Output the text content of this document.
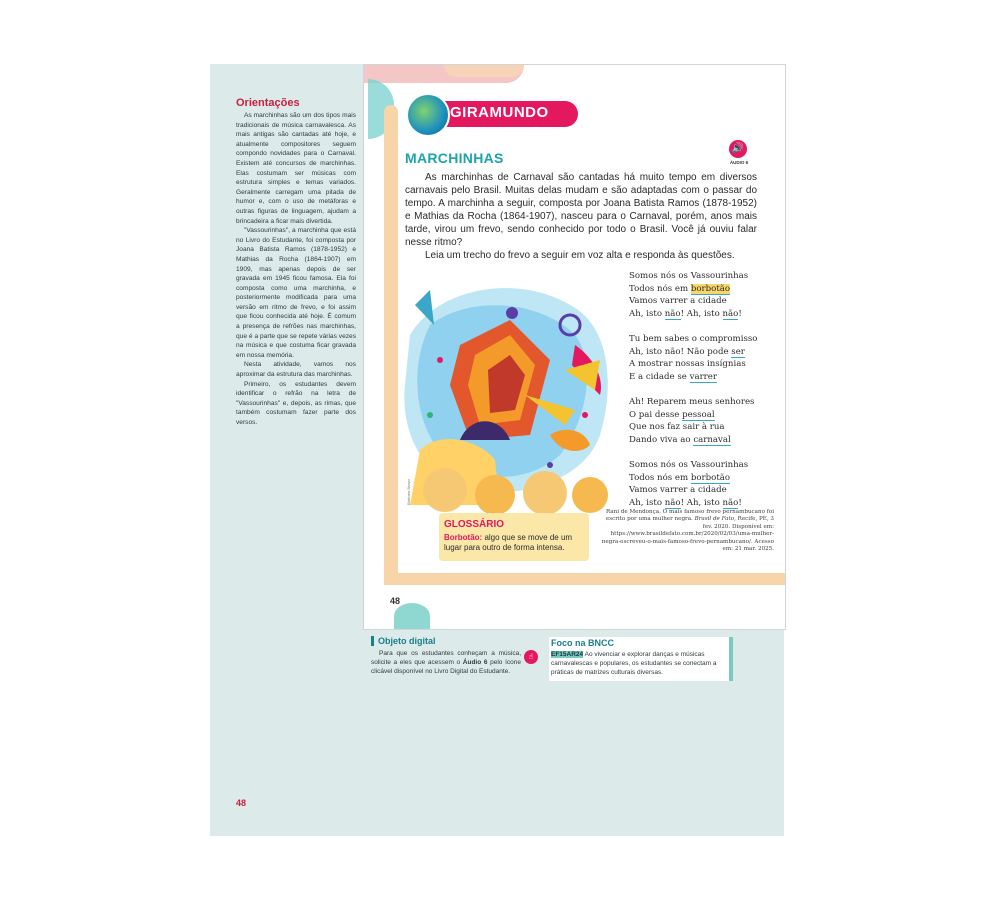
Orientações

As marchinhas são um dos tipos mais tradicionais de música carnavalesca. As mais antigas são cantadas até hoje, e atualmente compositores seguem compondo novidades para o Carnaval. Existem até concursos de marchinhas. Elas costumam ser músicas com estrutura simples e temas variados. Geralmente carregam uma pitada de humor e, com o uso de metáforas e outras figuras de linguagem, ajudam a brincadeira a ficar mais divertida.

"Vassourinhas", a marchinha que está no Livro do Estudante, foi composta por Joana Batista Ramos (1878-1952) e Mathias da Rocha (1864-1907) em 1909, mas apenas depois de ser gravada em 1945 ficou famosa. Ela foi composta como uma marchinha, e posteriormente modificada para uma versão em ritmo de frevo, e foi assim que ficou conhecida até hoje. É comum a presença de refrões nas marchinhas, que é a parte que se repete várias vezes na música e que costuma ficar gravada em nossa memória.

Nesta atividade, vamos nos aproximar da estrutura das marchinhas.

Primeiro, os estudantes devem identificar o refrão na letra de "Vassourinhas" e, depois, as rimas, que também costumam fazer parte dos versos.

48
GIRAMUNDO
MARCHINHAS
🔊
ÁUDIO 6

As marchinhas de Carnaval são cantadas há muito tempo em diversos carnavais pelo Brasil. Muitas delas mudam e são adaptadas com o passar do tempo. A marchinha a seguir, composta por Joana Batista Ramos (1878-1952) e Mathias da Rocha (1864-1907), nasceu para o Carnaval, porém, anos mais tarde, virou um frevo, sendo conhecido por todo o Brasil. Você já ouviu falar nesse ritmo?

Leia um trecho do frevo a seguir em voz alta e responda às questões.

Bárbara Bravo
Somos nós os Vassourinhas
Todos nós em borbotão
Vamos varrer a cidade
Ah, isto não! Ah, isto não!
Tu bem sabes o compromisso
Ah, isto não! Não pode ser
A mostrar nossas insígnias
E a cidade se varrer
Ah! Reparem meus senhores
O pai desse pessoal
Que nos faz sair à rua
Dando viva ao carnaval
Somos nós os Vassourinhas
Todos nós em borbotão
Vamos varrer a cidade
Ah, isto não! Ah, isto não!
Rani de Mendonça. O mais famoso frevo pernambucano foi escrito por uma mulher negra. Brasil de Fato, Recife, PE, 3 fev. 2020. Disponível em: https://www.brasildefato.com.br/2020/02/03/uma-mulher-negra-escreveu-o-mais-famoso-frevo-pernambucano/. Acesso em: 21 mar. 2025.
GLOSSÁRIO
Borbotão: algo que se move de um lugar para outro de forma intensa.
48
Objeto digital
Para que os estudantes conheçam a música, solicite a eles que acessem o Áudio 6 pelo ícone clicável disponível no Livro Digital do Estudante.
☝
Foco na BNCC
EF15AR24 Ao vivenciar e explorar danças e músicas carnavalescas e populares, os estudantes se conectam a práticas de matrizes culturais diversas.
